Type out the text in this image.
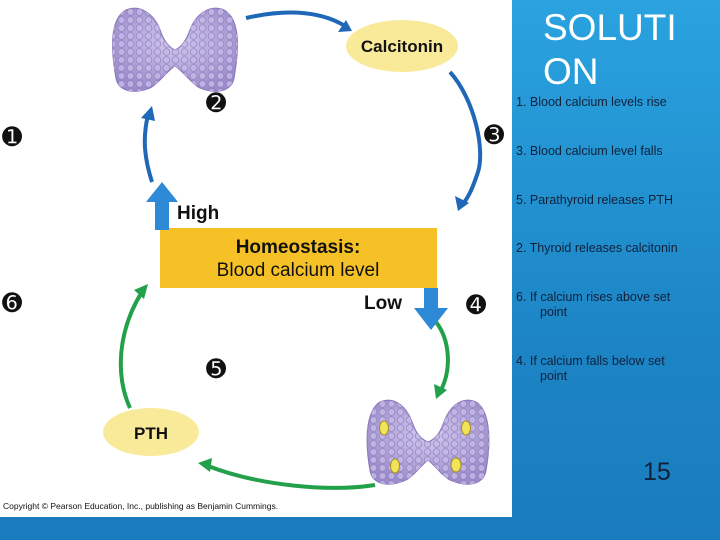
Homeostasis:
Blood calcium level
High
Low
Calcitonin
PTH
➊
➋
➌
➍
➎
➏
Copyright © Pearson Education, Inc., publishing as Benjamin Cummings.
SOLUTI ON
1. Blood calcium levels rise
3. Blood calcium level falls
5. Parathyroid releases PTH
2. Thyroid releases calcitonin
6. If calcium rises above set
point
4. If calcium falls below set
point
15
